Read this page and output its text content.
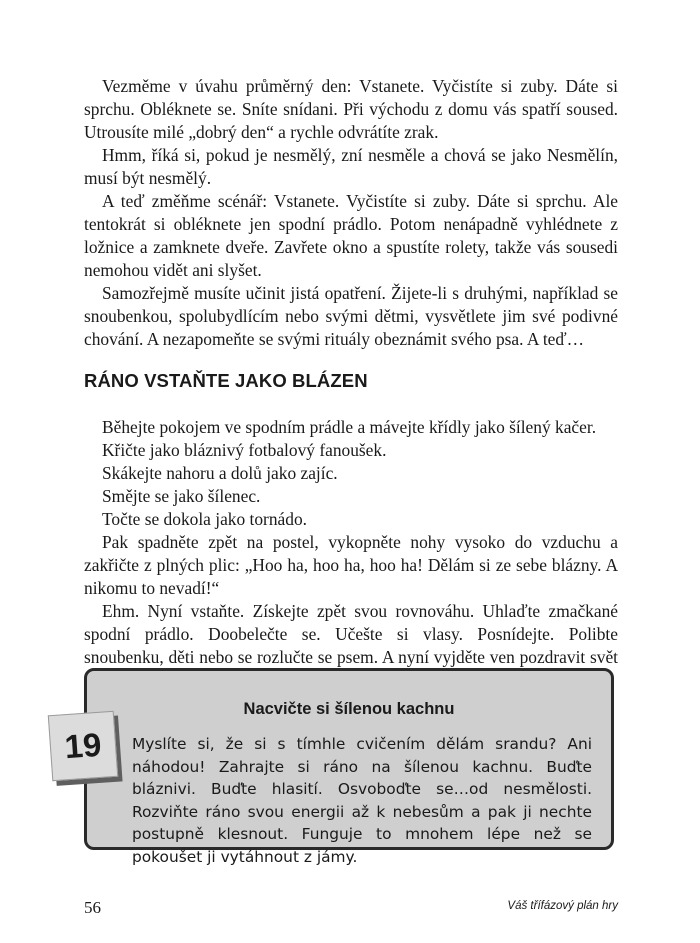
Vezměme v úvahu průměrný den: Vstanete. Vyčistíte si zuby. Dáte si sprchu. Obléknete se. Sníte snídani. Při východu z domu vás spatří soused. Utrousíte milé „dobrý den“ a rychle odvrátíte zrak.

Hmm, říká si, pokud je nesmělý, zní nesměle a chová se jako Nesmělín, musí být nesmělý.

A teď změňme scénář: Vstanete. Vyčistíte si zuby. Dáte si sprchu. Ale tentokrát si obléknete jen spodní prádlo. Potom nenápadně vyhlédnete z ložnice a zamknete dveře. Zavřete okno a spustíte rolety, takže vás sousedi nemohou vidět ani slyšet.

Samozřejmě musíte učinit jistá opatření. Žijete-li s druhými, například se snoubenkou, spolubydlícím nebo svými dětmi, vysvětlete jim své podivné chování. A nezapomeňte se svými rituály obeznámit svého psa. A teď…

RÁNO VSTAŇTE JAKO BLÁZEN

Běhejte pokojem ve spodním prádle a mávejte křídly jako šílený kačer.

Křičte jako bláznivý fotbalový fanoušek.

Skákejte nahoru a dolů jako zajíc.

Smějte se jako šílenec.

Točte se dokola jako tornádo.

Pak spadněte zpět na postel, vykopněte nohy vysoko do vzduchu a zakřičte z plných plic: „Hoo ha, hoo ha, hoo ha! Dělám si ze sebe blázny. A nikomu to nevadí!“

Ehm. Nyní vstaňte. Získejte zpět svou rovnováhu. Uhlaďte zmačkané spodní prádlo. Doobelečte se. Učešte si vlasy. Posnídejte. Polibte snoubenku, děti nebo se rozlučte se psem. A nyní vyjděte ven pozdravit svět

Nacvičte si šílenou kachnu

Myslíte si, že si s tímhle cvičením dělám srandu? Ani náhodou! Zahrajte si ráno na šílenou kachnu. Buďte bláznivi. Buďte hlasití. Osvoboďte se…od nesmělosti. Rozviňte ráno svou energii až k nebesům a pak ji nechte postupně klesnout. Funguje to mnohem lépe než se pokoušet ji vytáhnout z jámy.

19
56	Váš třífázový plán hry
